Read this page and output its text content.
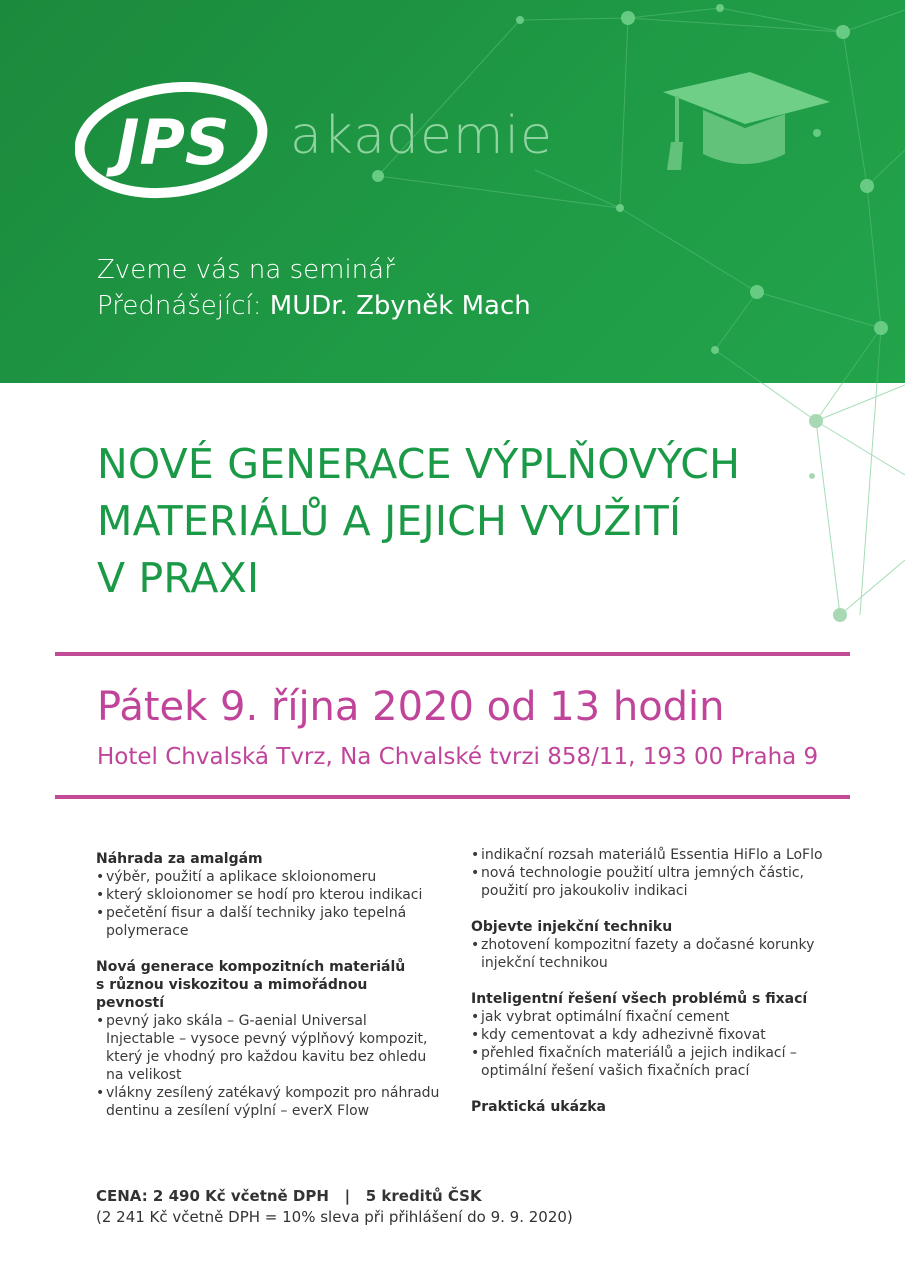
JPS akademie
Zveme vás na seminář
Přednášející: MUDr. Zbyněk Mach
NOVÉ GENERACE VÝPLŇOVÝCH
MATERIÁLŮ A JEJICH VYUŽITÍ
V PRAXI
Pátek 9. října 2020 od 13 hodin
Hotel Chvalská Tvrz, Na Chvalské tvrzi 858/11, 193 00 Praha 9
Náhrada za amalgám
• výběr, použití a aplikace skloionomeru
• který skloionomer se hodí pro kterou indikaci
• pečetění fisur a další techniky jako tepelná
polymerace
Nová generace kompozitních materiálů
s různou viskozitou a mimořádnou
pevností
• pevný jako skála – G-aenial Universal
Injectable – vysoce pevný výplňový kompozit,
který je vhodný pro každou kavitu bez ohledu
na velikost
• vlákny zesílený zatékavý kompozit pro náhradu
dentinu a zesílení výplní – everX Flow
• indikační rozsah materiálů Essentia HiFlo a LoFlo
• nová technologie použití ultra jemných částic,
použití pro jakoukoliv indikaci
Objevte injekční techniku
• zhotovení kompozitní fazety a dočasné korunky
injekční technikou
Inteligentní řešení všech problémů s fixací
• jak vybrat optimální fixační cement
• kdy cementovat a kdy adhezivně fixovat
• přehled fixačních materiálů a jejich indikací –
optimální řešení vašich fixačních prací
Praktická ukázka
CENA: 2 490 Kč včetně DPH   |   5 kreditů ČSK
(2 241 Kč včetně DPH = 10% sleva při přihlášení do 9. 9. 2020)
